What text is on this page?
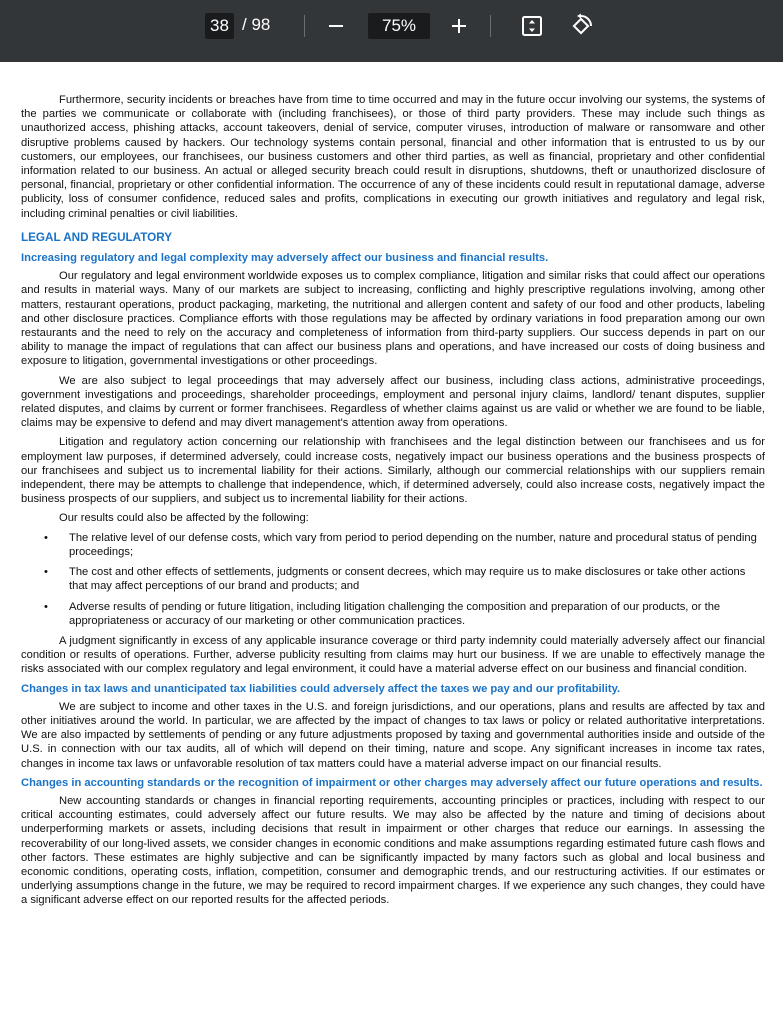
38 / 98	75%

Furthermore, security incidents or breaches have from time to time occurred and may in the future occur involving our systems, the systems of the parties we communicate or collaborate with (including franchisees), or those of third party providers. These may include such things as unauthorized access, phishing attacks, account takeovers, denial of service, computer viruses, introduction of malware or ransomware and other disruptive problems caused by hackers. Our technology systems contain personal, financial and other information that is entrusted to us by our customers, our employees, our franchisees, our business customers and other third parties, as well as financial, proprietary and other confidential information related to our business. An actual or alleged security breach could result in disruptions, shutdowns, theft or unauthorized disclosure of personal, financial, proprietary or other confidential information. The occurrence of any of these incidents could result in reputational damage, adverse publicity, loss of consumer confidence, reduced sales and profits, complications in executing our growth initiatives and regulatory and legal risk, including criminal penalties or civil liabilities.

LEGAL AND REGULATORY
Increasing regulatory and legal complexity may adversely affect our business and financial results.

Our regulatory and legal environment worldwide exposes us to complex compliance, litigation and similar risks that could affect our operations and results in material ways. Many of our markets are subject to increasing, conflicting and highly prescriptive regulations involving, among other matters, restaurant operations, product packaging, marketing, the nutritional and allergen content and safety of our food and other products, labeling and other disclosure practices. Compliance efforts with those regulations may be affected by ordinary variations in food preparation among our own restaurants and the need to rely on the accuracy and completeness of information from third-party suppliers. Our success depends in part on our ability to manage the impact of regulations that can affect our business plans and operations, and have increased our costs of doing business and exposure to litigation, governmental investigations or other proceedings.

We are also subject to legal proceedings that may adversely affect our business, including class actions, administrative proceedings, government investigations and proceedings, shareholder proceedings, employment and personal injury claims, landlord/ tenant disputes, supplier related disputes, and claims by current or former franchisees. Regardless of whether claims against us are valid or whether we are found to be liable, claims may be expensive to defend and may divert management's attention away from operations.

Litigation and regulatory action concerning our relationship with franchisees and the legal distinction between our franchisees and us for employment law purposes, if determined adversely, could increase costs, negatively impact our business operations and the business prospects of our franchisees and subject us to incremental liability for their actions. Similarly, although our commercial relationships with our suppliers remain independent, there may be attempts to challenge that independence, which, if determined adversely, could also increase costs, negatively impact the business prospects of our suppliers, and subject us to incremental liability for their actions.

Our results could also be affected by the following:

• The relative level of our defense costs, which vary from period to period depending on the number, nature and procedural status of pending proceedings;
• The cost and other effects of settlements, judgments or consent decrees, which may require us to make disclosures or take other actions that may affect perceptions of our brand and products; and
• Adverse results of pending or future litigation, including litigation challenging the composition and preparation of our products, or the appropriateness or accuracy of our marketing or other communication practices.

A judgment significantly in excess of any applicable insurance coverage or third party indemnity could materially adversely affect our financial condition or results of operations. Further, adverse publicity resulting from claims may hurt our business. If we are unable to effectively manage the risks associated with our complex regulatory and legal environment, it could have a material adverse effect on our business and financial condition.

Changes in tax laws and unanticipated tax liabilities could adversely affect the taxes we pay and our profitability.

We are subject to income and other taxes in the U.S. and foreign jurisdictions, and our operations, plans and results are affected by tax and other initiatives around the world. In particular, we are affected by the impact of changes to tax laws or policy or related authoritative interpretations. We are also impacted by settlements of pending or any future adjustments proposed by taxing and governmental authorities inside and outside of the U.S. in connection with our tax audits, all of which will depend on their timing, nature and scope. Any significant increases in income tax rates, changes in income tax laws or unfavorable resolution of tax matters could have a material adverse impact on our financial results.

Changes in accounting standards or the recognition of impairment or other charges may adversely affect our future operations and results.

New accounting standards or changes in financial reporting requirements, accounting principles or practices, including with respect to our critical accounting estimates, could adversely affect our future results. We may also be affected by the nature and timing of decisions about underperforming markets or assets, including decisions that result in impairment or other charges that reduce our earnings. In assessing the recoverability of our long-lived assets, we consider changes in economic conditions and make assumptions regarding estimated future cash flows and other factors. These estimates are highly subjective and can be significantly impacted by many factors such as global and local business and economic conditions, operating costs, inflation, competition, consumer and demographic trends, and our restructuring activities. If our estimates or underlying assumptions change in the future, we may be required to record impairment charges. If we experience any such changes, they could have a significant adverse effect on our reported results for the affected periods.
